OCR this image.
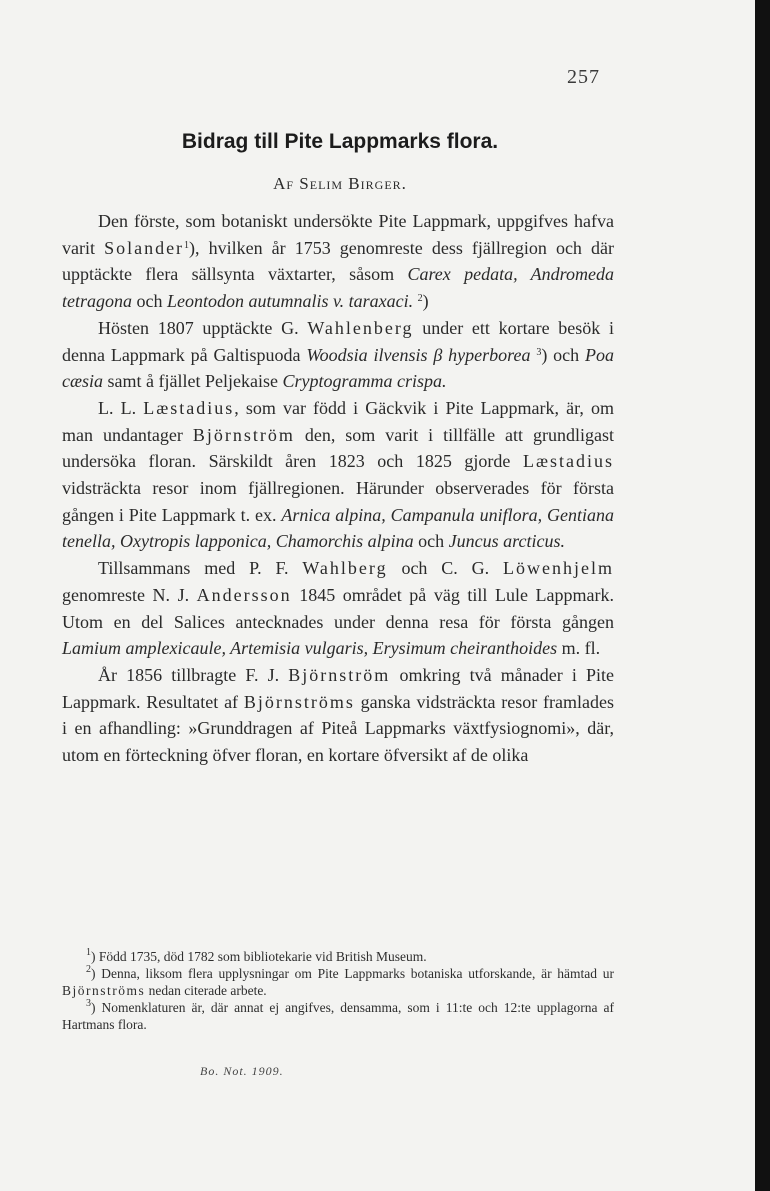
257
Bidrag till Pite Lappmarks flora.
Af Selim Birger.

Den förste, som botaniskt undersökte Pite Lappmark, uppgifves hafva varit Solander$^1$), hvilken år 1753 genomreste dess fjällregion och där upptäckte flera sällsynta växtarter, såsom Carex pedata, Andromeda tetragona och Leontodon autumnalis v. taraxaci. $^2$)

Hösten 1807 upptäckte G. Wahlenberg under ett kortare besök i denna Lappmark på Galtispuoda Woodsia ilvensis β hyperborea $^3$) och Poa cæsia samt å fjället Peljekaise Cryptogramma crispa.

L. L. Læstadius, som var född i Gäckvik i Pite Lappmark, är, om man undantager Björnström den, som varit i tillfälle att grundligast undersöka floran. Särskildt åren 1823 och 1825 gjorde Læstadius vidsträckta resor inom fjällregionen. Härunder observerades för första gången i Pite Lappmark t. ex. Arnica alpina, Campanula uniflora, Gentiana tenella, Oxytropis lapponica, Chamorchis alpina och Juncus arcticus.

Tillsammans med P. F. Wahlberg och C. G. Löwenhjelm genomreste N. J. Andersson 1845 området på väg till Lule Lappmark. Utom en del Salices antecknades under denna resa för första gången Lamium amplexicaule, Artemisia vulgaris, Erysimum cheiranthoides m. fl.

År 1856 tillbragte F. J. Björnström omkring två månader i Pite Lappmark. Resultatet af Björnströms ganska vidsträckta resor framlades i en afhandling: »Grunddragen af Piteå Lappmarks växtfysiognomi», där, utom en förteckning öfver floran, en kortare öfversikt af de olika

$^1$) Född 1735, död 1782 som bibliotekarie vid British Museum.

$^2$) Denna, liksom flera upplysningar om Pite Lappmarks botaniska utforskande, är hämtad ur Björnströms nedan citerade arbete.

$^3$) Nomenklaturen är, där annat ej angifves, densamma, som i 11:te och 12:te upplagorna af Hartmans flora.

Bo. Not. 1909.
